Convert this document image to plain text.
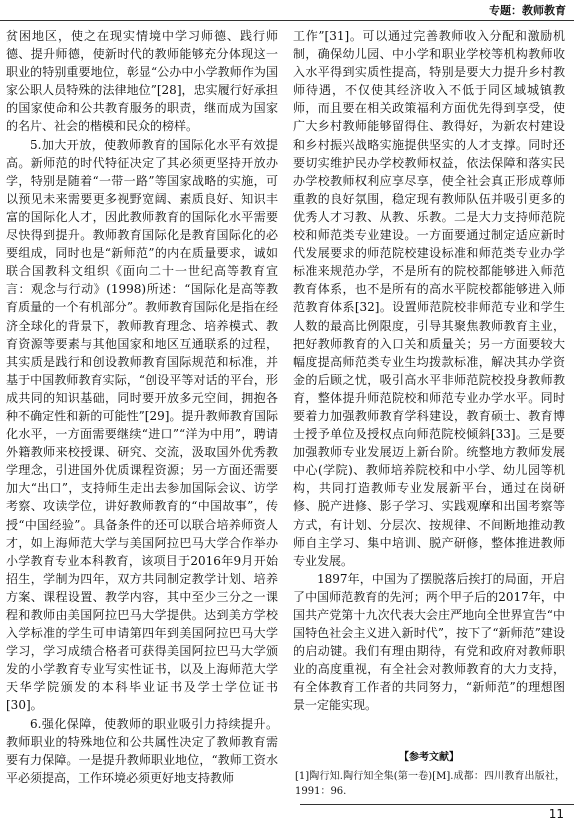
专题：教师教育

贫困地区，使之在现实情境中学习师德、践行师德、提升师德，使新时代的教师能够充分体现这一职业的特别重要地位，彰显“公办中小学教师作为国家公职人员特殊的法律地位”[28]，忠实履行好承担的国家使命和公共教育服务的职责，继而成为国家的名片、社会的楷模和民众的榜样。

5.加大开放，使教师教育的国际化水平有效提高。新师范的时代特征决定了其必须更坚持开放办学，特别是随着“一带一路”等国家战略的实施，可以预见未来需要更多视野宽阔、素质良好、知识丰富的国际化人才，因此教师教育的国际化水平需要尽快得到提升。教师教育国际化是教育国际化的必要组成，同时也是“新师范”的内在质量要求，诚如联合国教科文组织《面向二十一世纪高等教育宣言：观念与行动》(1998)所述：“国际化是高等教育质量的一个有机部分”。教师教育国际化是指在经济全球化的背景下，教师教育理念、培养模式、教育资源等要素与其他国家和地区互通联系的过程，其实质是践行和创设教师教育国际规范和标准，并基于中国教师教育实际，“创设平等对话的平台，形成共同的知识基础，同时要开放多元空间，拥抱各种不确定性和新的可能性”[29]。提升教师教育国际化水平，一方面需要继续“进口”“洋为中用”，聘请外籍教师来校授课、研究、交流，汲取国外优秀教学理念，引进国外优质课程资源；另一方面还需要加大“出口”，支持师生走出去参加国际会议、访学考察、攻读学位，讲好教师教育的“中国故事”，传授“中国经验”。具备条件的还可以联合培养师资人才，如上海师范大学与美国阿拉巴马大学合作举办小学教育专业本科教育，该项目于2016年9月开始招生，学制为四年，双方共同制定教学计划、培养方案、课程设置、教学内容，其中至少三分之一课程和教师由美国阿拉巴马大学提供。达到美方学校入学标准的学生可申请第四年到美国阿拉巴马大学学习，学习成绩合格者可获得美国阿拉巴马大学颁发的小学教育专业写实性证书，以及上海师范大学天华学院颁发的本科毕业证书及学士学位证书[30]。

6.强化保障，使教师的职业吸引力持续提升。教师职业的特殊地位和公共属性决定了教师教育需要有力保障。一是提升教师职业地位，“教师工资水平必须提高，工作环境必须更好地支持教师

工作”[31]。可以通过完善教师收入分配和激励机制，确保幼儿园、中小学和职业学校等机构教师收入水平得到实质性提高，特别是要大力提升乡村教师待遇，不仅使其经济收入不低于同区域城镇教师，而且要在相关政策福利方面优先得到享受，使广大乡村教师能够留得住、教得好，为新农村建设和乡村振兴战略实施提供坚实的人才支撑。同时还要切实维护民办学校教师权益，依法保障和落实民办学校教师权利应享尽享，使全社会真正形成尊师重教的良好氛围，稳定现有教师队伍并吸引更多的优秀人才习教、从教、乐教。二是大力支持师范院校和师范类专业建设。一方面要通过制定适应新时代发展要求的师范院校建设标准和师范类专业办学标准来规范办学，不是所有的院校都能够进入师范教育体系，也不是所有的高水平院校都能够进入师范教育体系[32]。设置师范院校非师范专业和学生人数的最高比例限度，引导其聚焦教师教育主业，把好教师教育的入口关和质量关；另一方面要较大幅度提高师范类专业生均拨款标准，解决其办学资金的后顾之忧，吸引高水平非师范院校投身教师教育，整体提升师范院校和师范专业办学水平。同时要着力加强教师教育学科建设，教育硕士、教育博士授予单位及授权点向师范院校倾斜[33]。三是要加强教师专业发展迈上新台阶。统整地方教师发展中心(学院)、教师培养院校和中小学、幼儿园等机构，共同打造教师专业发展新平台，通过在岗研修、脱产进修、影子学习、实践观摩和出国考察等方式，有计划、分层次、按规律、不间断地推动教师自主学习、集中培训、脱产研修，整体推进教师专业发展。

1897年，中国为了摆脱落后挨打的局面，开启了中国师范教育的先河；两个甲子后的2017年，中国共产党第十九次代表大会庄严地向全世界宣告“中国特色社会主义进入新时代”，按下了“新师范”建设的启动键。我们有理由期待，有党和政府对教师职业的高度重视，有全社会对教师教育的大力支持，有全体教育工作者的共同努力，“新师范”的理想图景一定能实现。

【参考文献】
[1]陶行知.陶行知全集(第一卷)[M].成都：四川教育出版社，1991：96.
11
